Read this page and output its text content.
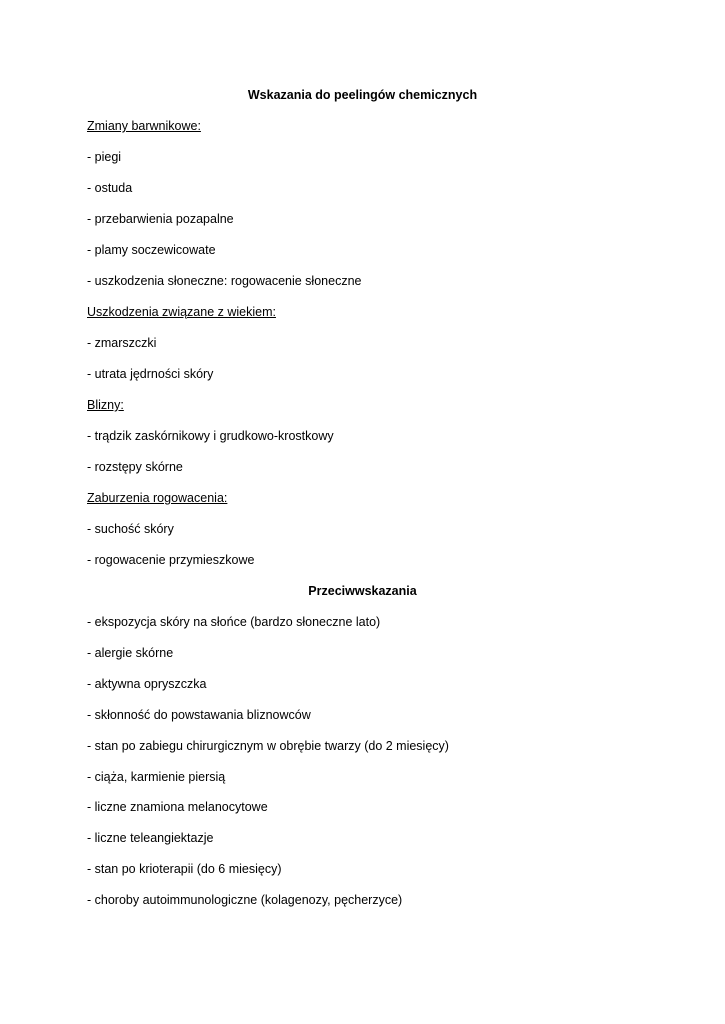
Wskazania do peelingów chemicznych
Zmiany barwnikowe:
- piegi
- ostuda
- przebarwienia pozapalne
- plamy soczewicowate
- uszkodzenia słoneczne: rogowacenie słoneczne
Uszkodzenia związane z wiekiem:
- zmarszczki
- utrata jędrności skóry
Blizny:
- trądzik zaskórnikowy i grudkowo-krostkowy
- rozstępy skórne
Zaburzenia rogowacenia:
- suchość skóry
- rogowacenie przymieszkowe
Przeciwwskazania
- ekspozycja skóry na słońce (bardzo słoneczne lato)
- alergie skórne
- aktywna opryszczka
- skłonność do powstawania bliznowców
- stan po zabiegu chirurgicznym w obrębie twarzy (do 2 miesięcy)
- ciąża, karmienie piersią
- liczne znamiona melanocytowe
- liczne teleangiektazje
- stan po krioterapii (do 6 miesięcy)
- choroby autoimmunologiczne (kolagenozy, pęcherzyce)
